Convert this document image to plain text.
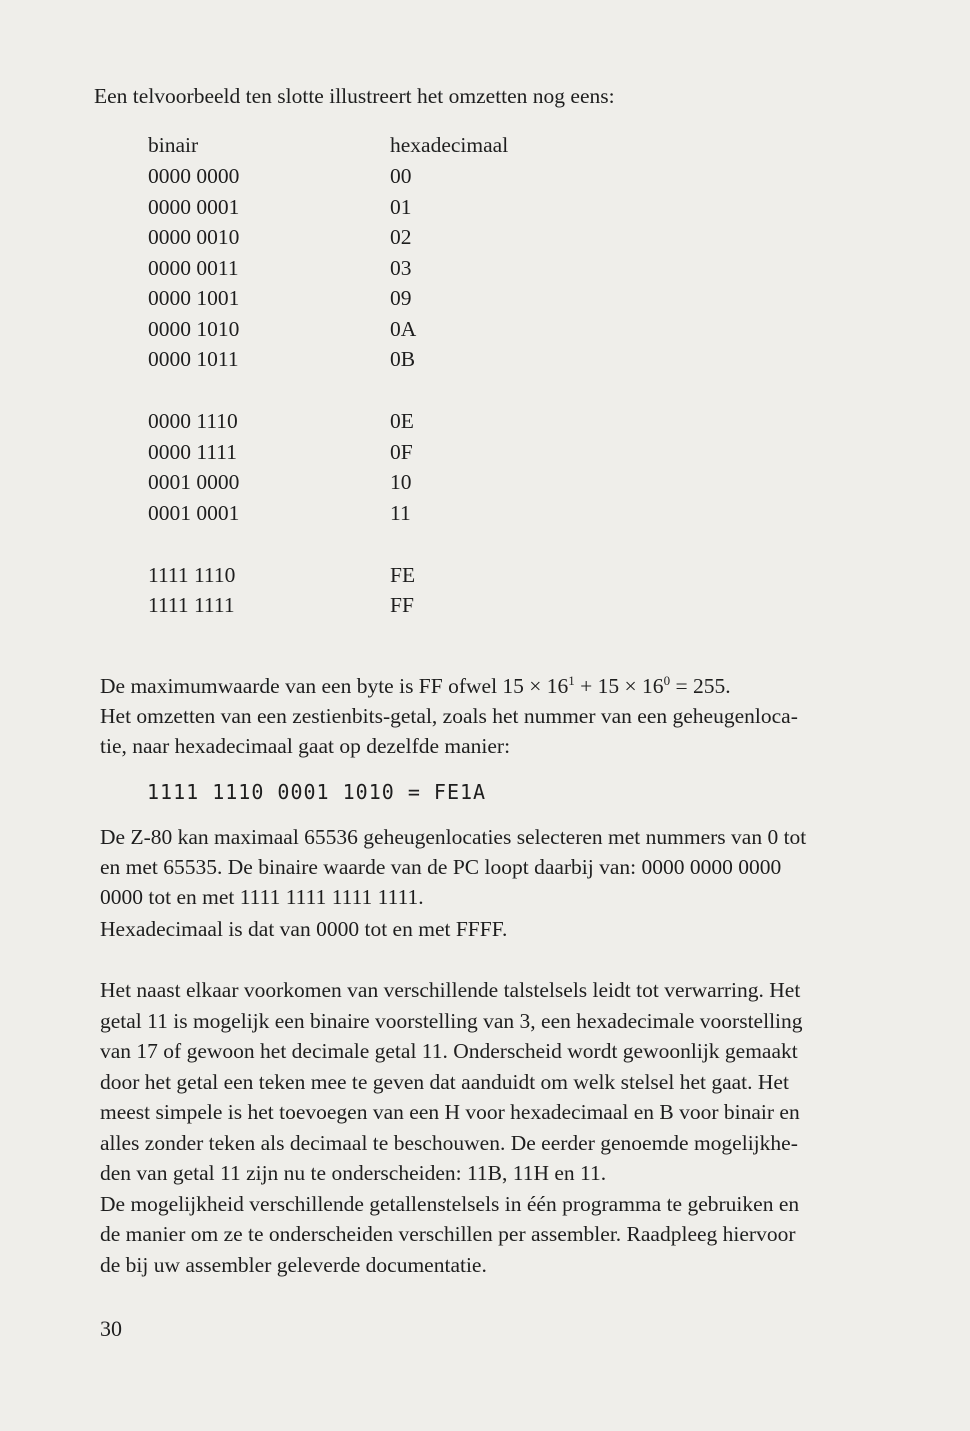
Een telvoorbeeld ten slotte illustreert het omzetten nog eens:
binair	hexadecimaal
0000 0000	00
0000 0001	01
0000 0010	02
0000 0011	03
0000 1001	09
0000 1010	0A
0000 1011	0B
0000 1110	0E
0000 1111	0F
0001 0000	10
0001 0001	11
1111 1110	FE
1111 1111	FF
De maximumwaarde van een byte is FF ofwel $15 \times 16^1 + 15 \times 16^0 = 255$.
Het omzetten van een zestienbits-getal, zoals het nummer van een geheugenloca-
tie, naar hexadecimaal gaat op dezelfde manier:
1111 1110 0001 1010 = FE1A
De Z-80 kan maximaal 65536 geheugenlocaties selecteren met nummers van 0 tot
en met 65535. De binaire waarde van de PC loopt daarbij van: 0000 0000 0000
0000 tot en met 1111 1111 1111 1111.
Hexadecimaal is dat van 0000 tot en met FFFF.
Het naast elkaar voorkomen van verschillende talstelsels leidt tot verwarring. Het
getal 11 is mogelijk een binaire voorstelling van 3, een hexadecimale voorstelling
van 17 of gewoon het decimale getal 11. Onderscheid wordt gewoonlijk gemaakt
door het getal een teken mee te geven dat aanduidt om welk stelsel het gaat. Het
meest simpele is het toevoegen van een H voor hexadecimaal en B voor binair en
alles zonder teken als decimaal te beschouwen. De eerder genoemde mogelijkhe-
den van getal 11 zijn nu te onderscheiden: 11B, 11H en 11.
De mogelijkheid verschillende getallenstelsels in één programma te gebruiken en
de manier om ze te onderscheiden verschillen per assembler. Raadpleeg hiervoor
de bij uw assembler geleverde documentatie.
30
